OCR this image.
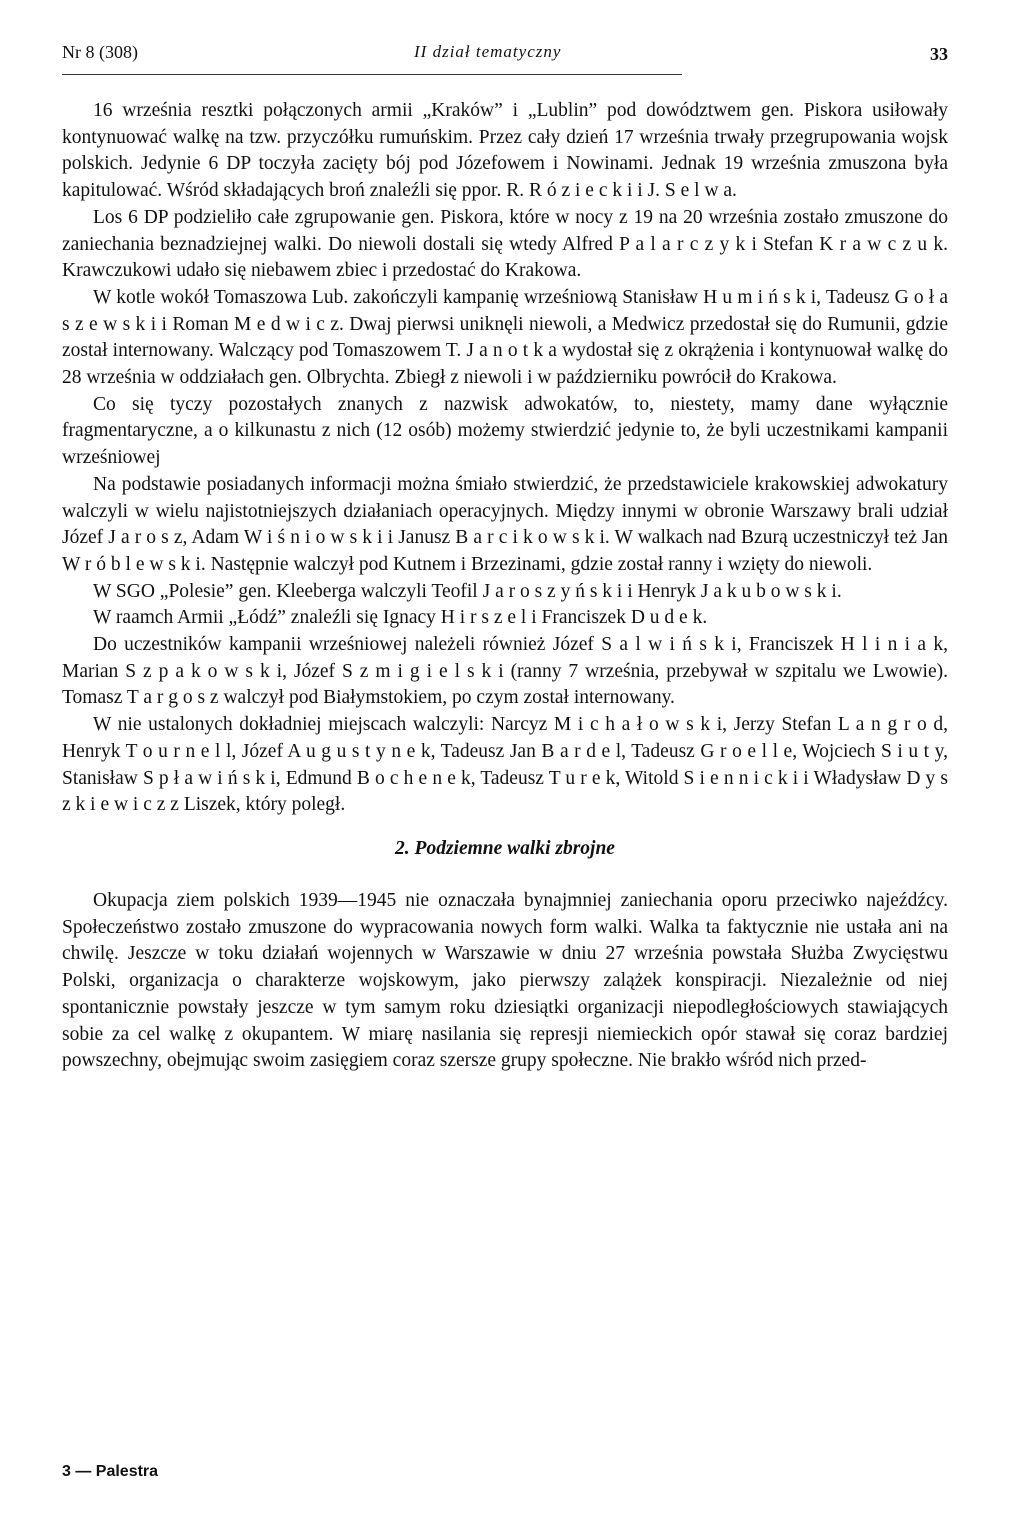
Nr 8 (308)	II dział tematyczny	33

16 września resztki połączonych armii „Kraków” i „Lublin” pod dowództwem gen. Piskora usiłowały kontynuować walkę na tzw. przyczółku rumuńskim. Przez cały dzień 17 września trwały przegrupowania wojsk polskich. Jedynie 6 DP toczyła zacięty bój pod Józefowem i Nowinami. Jednak 19 września zmuszona była kapitulować. Wśród składających broń znaleźli się ppor. R. R ó z i e c k i i J. S e l w a.

Los 6 DP podzieliło całe zgrupowanie gen. Piskora, które w nocy z 19 na 20 września zostało zmuszone do zaniechania beznadziejnej walki. Do niewoli dostali się wtedy Alfred P a l a r c z y k i Stefan K r a w c z u k. Krawczukowi udało się niebawem zbiec i przedostać do Krakowa.

W kotle wokół Tomaszowa Lub. zakończyli kampanię wrześniową Stanisław H u m i ń s k i, Tadeusz G o ł a s z e w s k i i Roman M e d w i c z. Dwaj pierwsi uniknęli niewoli, a Medwicz przedostał się do Rumunii, gdzie został internowany. Walczący pod Tomaszowem T. J a n o t k a wydostał się z okrążenia i kontynuował walkę do 28 września w oddziałach gen. Olbrychta. Zbiegł z niewoli i w październiku powrócił do Krakowa.

Co się tyczy pozostałych znanych z nazwisk adwokatów, to, niestety, mamy dane wyłącznie fragmentaryczne, a o kilkunastu z nich (12 osób) możemy stwierdzić jedynie to, że byli uczestnikami kampanii wrześniowej

Na podstawie posiadanych informacji można śmiało stwierdzić, że przedstawiciele krakowskiej adwokatury walczyli w wielu najistotniejszych działaniach operacyjnych. Między innymi w obronie Warszawy brali udział Józef J a r o s z, Adam W i ś n i o w s k i i Janusz B a r c i k o w s k i. W walkach nad Bzurą uczestniczył też Jan W r ó b l e w s k i. Następnie walczył pod Kutnem i Brzezinami, gdzie został ranny i wzięty do niewoli.

W SGO „Polesie” gen. Kleeberga walczyli Teofil J a r o s z y ń s k i i Henryk J a k u b o w s k i.

W raamch Armii „Łódź” znaleźli się Ignacy H i r s z e l i Franciszek D u d e k.

Do uczestników kampanii wrześniowej należeli również Józef S a l w i ń s k i, Franciszek H l i n i a k, Marian S z p a k o w s k i, Józef S z m i g i e l s k i (ranny 7 września, przebywał w szpitalu we Lwowie). Tomasz T a r g o s z walczył pod Białymstokiem, po czym został internowany.

W nie ustalonych dokładniej miejscach walczyli: Narcyz M i c h a ł o w s k i, Jerzy Stefan L a n g r o d, Henryk T o u r n e l l, Józef A u g u s t y n e k, Tadeusz Jan B a r d e l, Tadeusz G r o e l l e, Wojciech S i u t y, Stanisław S p ł a w i ń s k i, Edmund B o c h e n e k, Tadeusz T u r e k, Witold S i e n n i c k i i Władysław D y s z k i e w i c z z Liszek, który poległ.

2. Podziemne walki zbrojne

Okupacja ziem polskich 1939—1945 nie oznaczała bynajmniej zaniechania oporu przeciwko najeźdźcy. Społeczeństwo zostało zmuszone do wypracowania nowych form walki. Walka ta faktycznie nie ustała ani na chwilę. Jeszcze w toku działań wojennych w Warszawie w dniu 27 września powstała Służba Zwycięstwu Polski, organizacja o charakterze wojskowym, jako pierwszy zalążek konspiracji. Niezależnie od niej spontanicznie powstały jeszcze w tym samym roku dziesiątki organizacji niepodległościowych stawiających sobie za cel walkę z okupantem. W miarę nasilania się represji niemieckich opór stawał się coraz bardziej powszechny, obejmując swoim zasięgiem coraz szersze grupy społeczne. Nie brakło wśród nich przed-

3 — Palestra
